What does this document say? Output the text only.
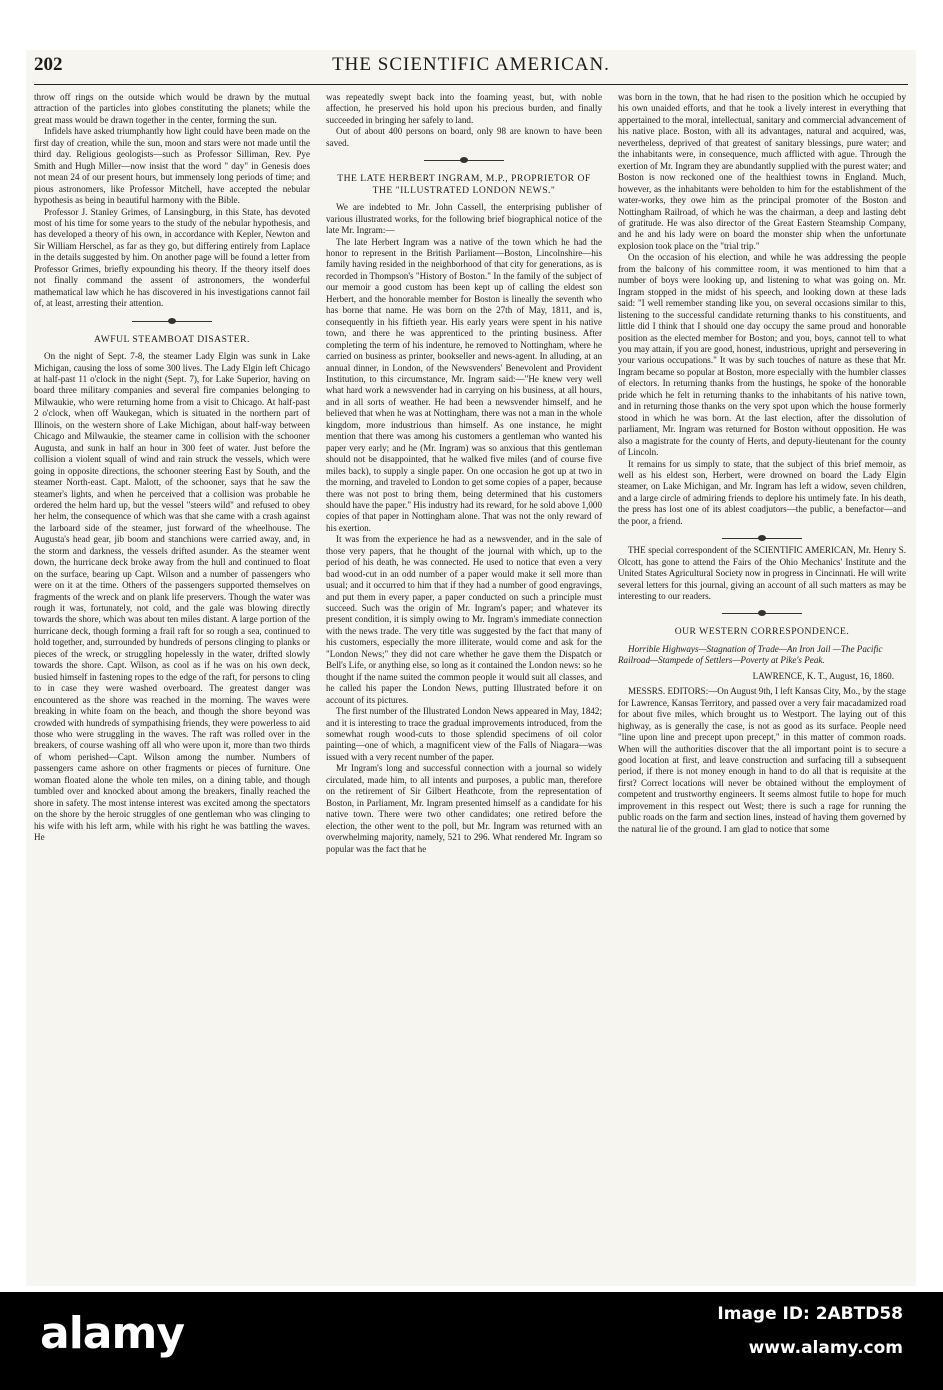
202	THE SCIENTIFIC AMERICAN.

throw off rings on the outside which would be drawn by the mutual attraction of the particles into globes constituting the planets; while the great mass would be drawn together in the center, forming the sun.

Infidels have asked triumphantly how light could have been made on the first day of creation, while the sun, moon and stars were not made until the third day. Religious geologists—such as Professor Silliman, Rev. Pye Smith and Hugh Miller—now insist that the word " day" in Genesis does not mean 24 of our present hours, but immensely long periods of time; and pious astronomers, like Professor Mitchell, have accepted the nebular hypothesis as being in beautiful harmony with the Bible.

Professor J. Stanley Grimes, of Lansingburg, in this State, has devoted most of his time for some years to the study of the nebular hypothesis, and has developed a theory of his own, in accordance with Kepler, Newton and Sir William Herschel, as far as they go, but differing entirely from Laplace in the details suggested by him. On another page will be found a letter from Professor Grimes, briefly expounding his theory. If the theory itself does not finally command the assent of astronomers, the wonderful mathematical law which he has discovered in his investigations cannot fail of, at least, arresting their attention.

AWFUL STEAMBOAT DISASTER.

On the night of Sept. 7-8, the steamer Lady Elgin was sunk in Lake Michigan, causing the loss of some 300 lives. The Lady Elgin left Chicago at half-past 11 o'clock in the night (Sept. 7), for Lake Superior, having on board three military companies and several fire companies belonging to Milwaukie, who were returning home from a visit to Chicago. At half-past 2 o'clock, when off Waukegan, which is situated in the northern part of Illinois, on the western shore of Lake Michigan, about half-way between Chicago and Milwaukie, the steamer came in collision with the schooner Augusta, and sunk in half an hour in 300 feet of water. Just before the collision a violent squall of wind and rain struck the vessels, which were going in opposite directions, the schooner steering East by South, and the steamer North-east. Capt. Malott, of the schooner, says that he saw the steamer's lights, and when he perceived that a collision was probable he ordered the helm hard up, but the vessel "steers wild" and refused to obey her helm, the consequence of which was that she came with a crash against the larboard side of the steamer, just forward of the wheelhouse. The Augusta's head gear, jib boom and stanchions were carried away, and, in the storm and darkness, the vessels drifted asunder. As the steamer went down, the hurricane deck broke away from the hull and continued to float on the surface, bearing up Capt. Wilson and a number of passengers who were on it at the time. Others of the passengers supported themselves on fragments of the wreck and on plank life preservers. Though the water was rough it was, fortunately, not cold, and the gale was blowing directly towards the shore, which was about ten miles distant. A large portion of the hurricane deck, though forming a frail raft for so rough a sea, continued to hold together, and, surrounded by hundreds of persons clinging to planks or pieces of the wreck, or struggling hopelessly in the water, drifted slowly towards the shore. Capt. Wilson, as cool as if he was on his own deck, busied himself in fastening ropes to the edge of the raft, for persons to cling to in case they were washed overboard. The greatest danger was encountered as the shore was reached in the morning. The waves were breaking in white foam on the beach, and though the shore beyond was crowded with hundreds of sympathising friends, they were powerless to aid those who were struggling in the waves. The raft was rolled over in the breakers, of course washing off all who were upon it, more than two thirds of whom perished—Capt. Wilson among the number. Numbers of passengers came ashore on other fragments or pieces of furniture. One woman floated alone the whole ten miles, on a dining table, and though tumbled over and knocked about among the breakers, finally reached the shore in safety. The most intense interest was excited among the spectators on the shore by the heroic struggles of one gentleman who was clinging to his wife with his left arm, while with his right he was battling the waves. He

was repeatedly swept back into the foaming yeast, but, with noble affection, he preserved his hold upon his precious burden, and finally succeeded in bringing her safely to land.

Out of about 400 persons on board, only 98 are known to have been saved.

THE LATE HERBERT INGRAM, M.P., PROPRIETOR OF THE "ILLUSTRATED LONDON NEWS."

We are indebted to Mr. John Cassell, the enterprising publisher of various illustrated works, for the following brief biographical notice of the late Mr. Ingram:—

The late Herbert Ingram was a native of the town which he had the honor to represent in the British Parliament—Boston, Lincolnshire—his family having resided in the neighborhood of that city for generations, as is recorded in Thompson's "History of Boston." In the family of the subject of our memoir a good custom has been kept up of calling the eldest son Herbert, and the honorable member for Boston is lineally the seventh who has borne that name. He was born on the 27th of May, 1811, and is, consequently in his fiftieth year. His early years were spent in his native town, and there he was apprenticed to the printing business. After completing the term of his indenture, he removed to Nottingham, where he carried on business as printer, bookseller and news-agent. In alluding, at an annual dinner, in London, of the Newsvenders' Benevolent and Provident Institution, to this circumstance, Mr. Ingram said:—"He knew very well what hard work a newsvender had in carrying on his business, at all hours, and in all sorts of weather. He had been a newsvender himself, and he believed that when he was at Nottingham, there was not a man in the whole kingdom, more industrious than himself. As one instance, he might mention that there was among his customers a gentleman who wanted his paper very early; and he (Mr. Ingram) was so anxious that this gentleman should not be disappointed, that he walked five miles (and of course five miles back), to supply a single paper. On one occasion he got up at two in the morning, and traveled to London to get some copies of a paper, because there was not post to bring them, being determined that his customers should have the paper." His industry had its reward, for he sold above 1,000 copies of that paper in Nottingham alone. That was not the only reward of his exertion.

It was from the experience he had as a newsvender, and in the sale of those very papers, that he thought of the journal with which, up to the period of his death, he was connected. He used to notice that even a very bad wood-cut in an odd number of a paper would make it sell more than usual; and it occurred to him that if they had a number of good engravings, and put them in every paper, a paper conducted on such a principle must succeed. Such was the origin of Mr. Ingram's paper; and whatever its present condition, it is simply owing to Mr. Ingram's immediate connection with the news trade. The very title was suggested by the fact that many of his customers, especially the more illiterate, would come and ask for the "London News;" they did not care whether he gave them the Dispatch or Bell's Life, or anything else, so long as it contained the London news: so he thought if the name suited the common people it would suit all classes, and he called his paper the London News, putting Illustrated before it on account of its pictures.

The first number of the Illustrated London News appeared in May, 1842; and it is interesting to trace the gradual improvements introduced, from the somewhat rough wood-cuts to those splendid specimens of oil color painting—one of which, a magnificent view of the Falls of Niagara—was issued with a very recent number of the paper.

Mr Ingram's long and successful connection with a journal so widely circulated, made him, to all intents and purposes, a public man, therefore on the retirement of Sir Gilbert Heathcote, from the representation of Boston, in Parliament, Mr. Ingram presented himself as a candidate for his native town. There were two other candidates; one retired before the election, the other went to the poll, but Mr. Ingram was returned with an overwhelming majority, namely, 521 to 296. What rendered Mr. Ingram so popular was the fact that he

was born in the town, that he had risen to the position which he occupied by his own unaided efforts, and that he took a lively interest in everything that appertained to the moral, intellectual, sanitary and commercial advancement of his native place. Boston, with all its advantages, natural and acquired, was, nevertheless, deprived of that greatest of sanitary blessings, pure water; and the inhabitants were, in consequence, much afflicted with ague. Through the exertion of Mr. Ingram they are abundantly supplied with the purest water; and Boston is now reckoned one of the healthiest towns in England. Much, however, as the inhabitants were beholden to him for the establishment of the water-works, they owe him as the principal promoter of the Boston and Nottingham Railroad, of which he was the chairman, a deep and lasting debt of gratitude. He was also director of the Great Eastern Steamship Company, and he and his lady were on board the monster ship when the unfortunate explosion took place on the "trial trip."

On the occasion of his election, and while he was addressing the people from the balcony of his committee room, it was mentioned to him that a number of boys were looking up, and listening to what was going on. Mr. Ingram stopped in the midst of his speech, and looking down at these lads said: "I well remember standing like you, on several occasions similar to this, listening to the successful candidate returning thanks to his constituents, and little did I think that I should one day occupy the same proud and honorable position as the elected member for Boston; and you, boys, cannot tell to what you may attain, if you are good, honest, industrious, upright and persevering in your various occupations." It was by such touches of nature as these that Mr. Ingram became so popular at Boston, more especially with the humbler classes of electors. In returning thanks from the hustings, he spoke of the honorable pride which he felt in returning thanks to the inhabitants of his native town, and in returning those thanks on the very spot upon which the house formerly stood in which he was born. At the last election, after the dissolution of parliament, Mr. Ingram was returned for Boston without opposition. He was also a magistrate for the county of Herts, and deputy-lieutenant for the county of Lincoln.

It remains for us simply to state, that the subject of this brief memoir, as well as his eldest son, Herbert, were drowned on board the Lady Elgin steamer, on Lake Michigan, and Mr. Ingram has left a widow, seven children, and a large circle of admiring friends to deplore his untimely fate. In his death, the press has lost one of its ablest coadjutors—the public, a benefactor—and the poor, a friend.

THE special correspondent of the SCIENTIFIC AMERICAN, Mr. Henry S. Olcott, has gone to attend the Fairs of the Ohio Mechanics' Institute and the United States Agricultural Society now in progress in Cincinnati. He will write several letters for this journal, giving an account of all such matters as may be interesting to our readers.

OUR WESTERN CORRESPONDENCE.

Horrible Highways—Stagnation of Trade—An Iron Jail —The Pacific Railroad—Stampede of Settlers—Poverty at Pike's Peak.

LAWRENCE, K. T., August, 16, 1860.

MESSRS. EDITORS:—On August 9th, I left Kansas City, Mo., by the stage for Lawrence, Kansas Territory, and passed over a very fair macadamized road for about five miles, which brought us to Westport. The laying out of this highway, as is generally the case, is not as good as its surface. People need "line upon line and precept upon precept," in this matter of common roads. When will the authorities discover that the all important point is to secure a good location at first, and leave construction and surfacing till a subsequent period, if there is not money enough in hand to do all that is requisite at the first? Correct locations will never be obtained without the employment of competent and trustworthy engineers. It seems almost futile to hope for much improvement in this respect out West; there is such a rage for running the public roads on the farm and section lines, instead of having them governed by the natural lie of the ground. I am glad to notice that some

alamy	Image ID: 2ABTD58
www.alamy.com
